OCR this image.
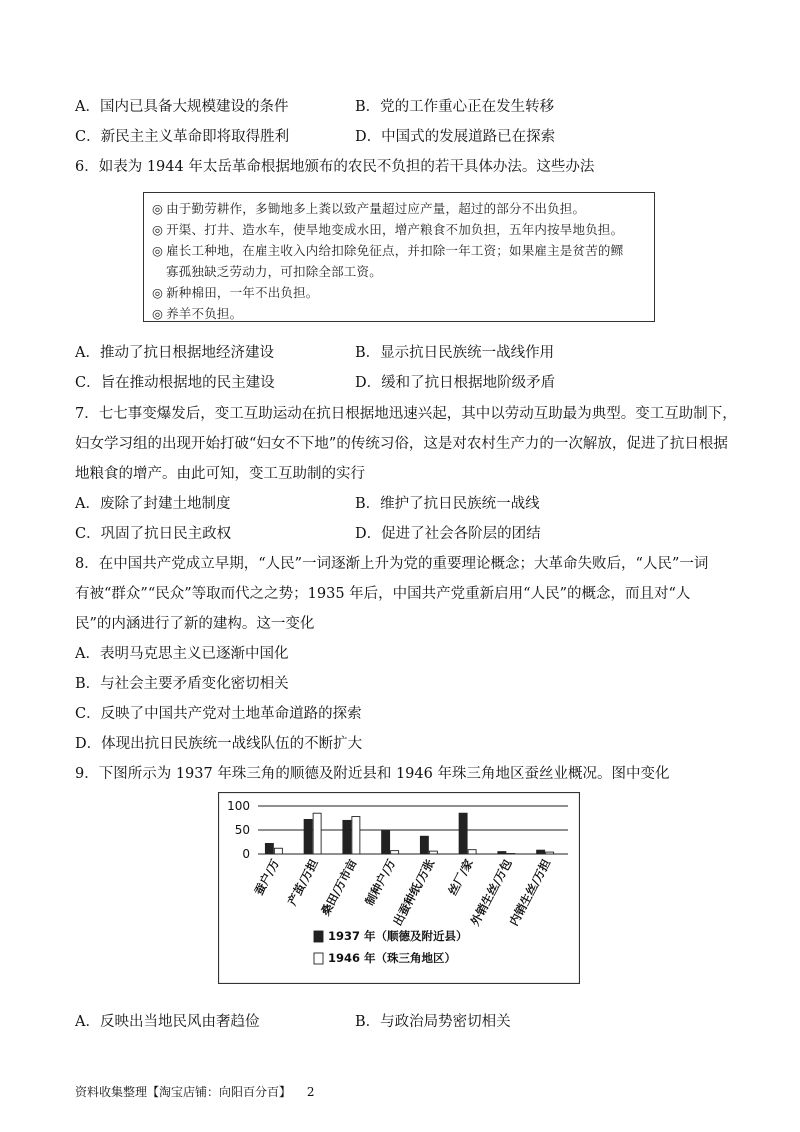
A．国内已具备大规模建设的条件	B．党的工作重心正在发生转移
C．新民主主义革命即将取得胜利	D．中国式的发展道路已在探索
6．如表为 1944 年太岳革命根据地颁布的农民不负担的若干具体办法。这些办法
◎ 由于勤劳耕作，多锄地多上粪以致产量超过应产量，超过的部分不出负担。
◎ 开渠、打井、造水车，使旱地变成水田，增产粮食不加负担，五年内按旱地负担。
◎ 雇长工种地，在雇主收入内给扣除免征点，并扣除一年工资；如果雇主是贫苦的鳏
寡孤独缺乏劳动力，可扣除全部工资。
◎ 新种棉田，一年不出负担。
◎ 养羊不负担。
A．推动了抗日根据地经济建设	B．显示抗日民族统一战线作用
C．旨在推动根据地的民主建设	D．缓和了抗日根据地阶级矛盾
7．七七事变爆发后，变工互助运动在抗日根据地迅速兴起，其中以劳动互助最为典型。变工互助制下，
妇女学习组的出现开始打破“妇女不下地”的传统习俗，这是对农村生产力的一次解放，促进了抗日根据
地粮食的增产。由此可知，变工互助制的实行
A．废除了封建土地制度	B．维护了抗日民族统一战线
C．巩固了抗日民主政权	D．促进了社会各阶层的团结
8．在中国共产党成立早期，“人民”一词逐渐上升为党的重要理论概念；大革命失败后，“人民”一词
有被“群众”“民众”等取而代之之势；1935 年后，中国共产党重新启用“人民”的概念，而且对“人
民”的内涵进行了新的建构。这一变化
A．表明马克思主义已逐渐中国化
B．与社会主要矛盾变化密切相关
C．反映了中国共产党对土地革命道路的探索
D．体现出抗日民族统一战线队伍的不断扩大
9．下图所示为 1937 年珠三角的顺德及附近县和 1946 年珠三角地区蚕丝业概况。图中变化
100
50
0
蚕户/万 产茧/万担
桑田/万市亩 制种户/万
出蚕种纸/万张 丝厂/家
外销生丝/万包
内销生丝/万担
1937 年（顺德及附近县）
1946 年（珠三角地区）
A．反映出当地民风由奢趋俭	B．与政治局势密切相关
资料收集整理【淘宝店铺：向阳百分百】 2
